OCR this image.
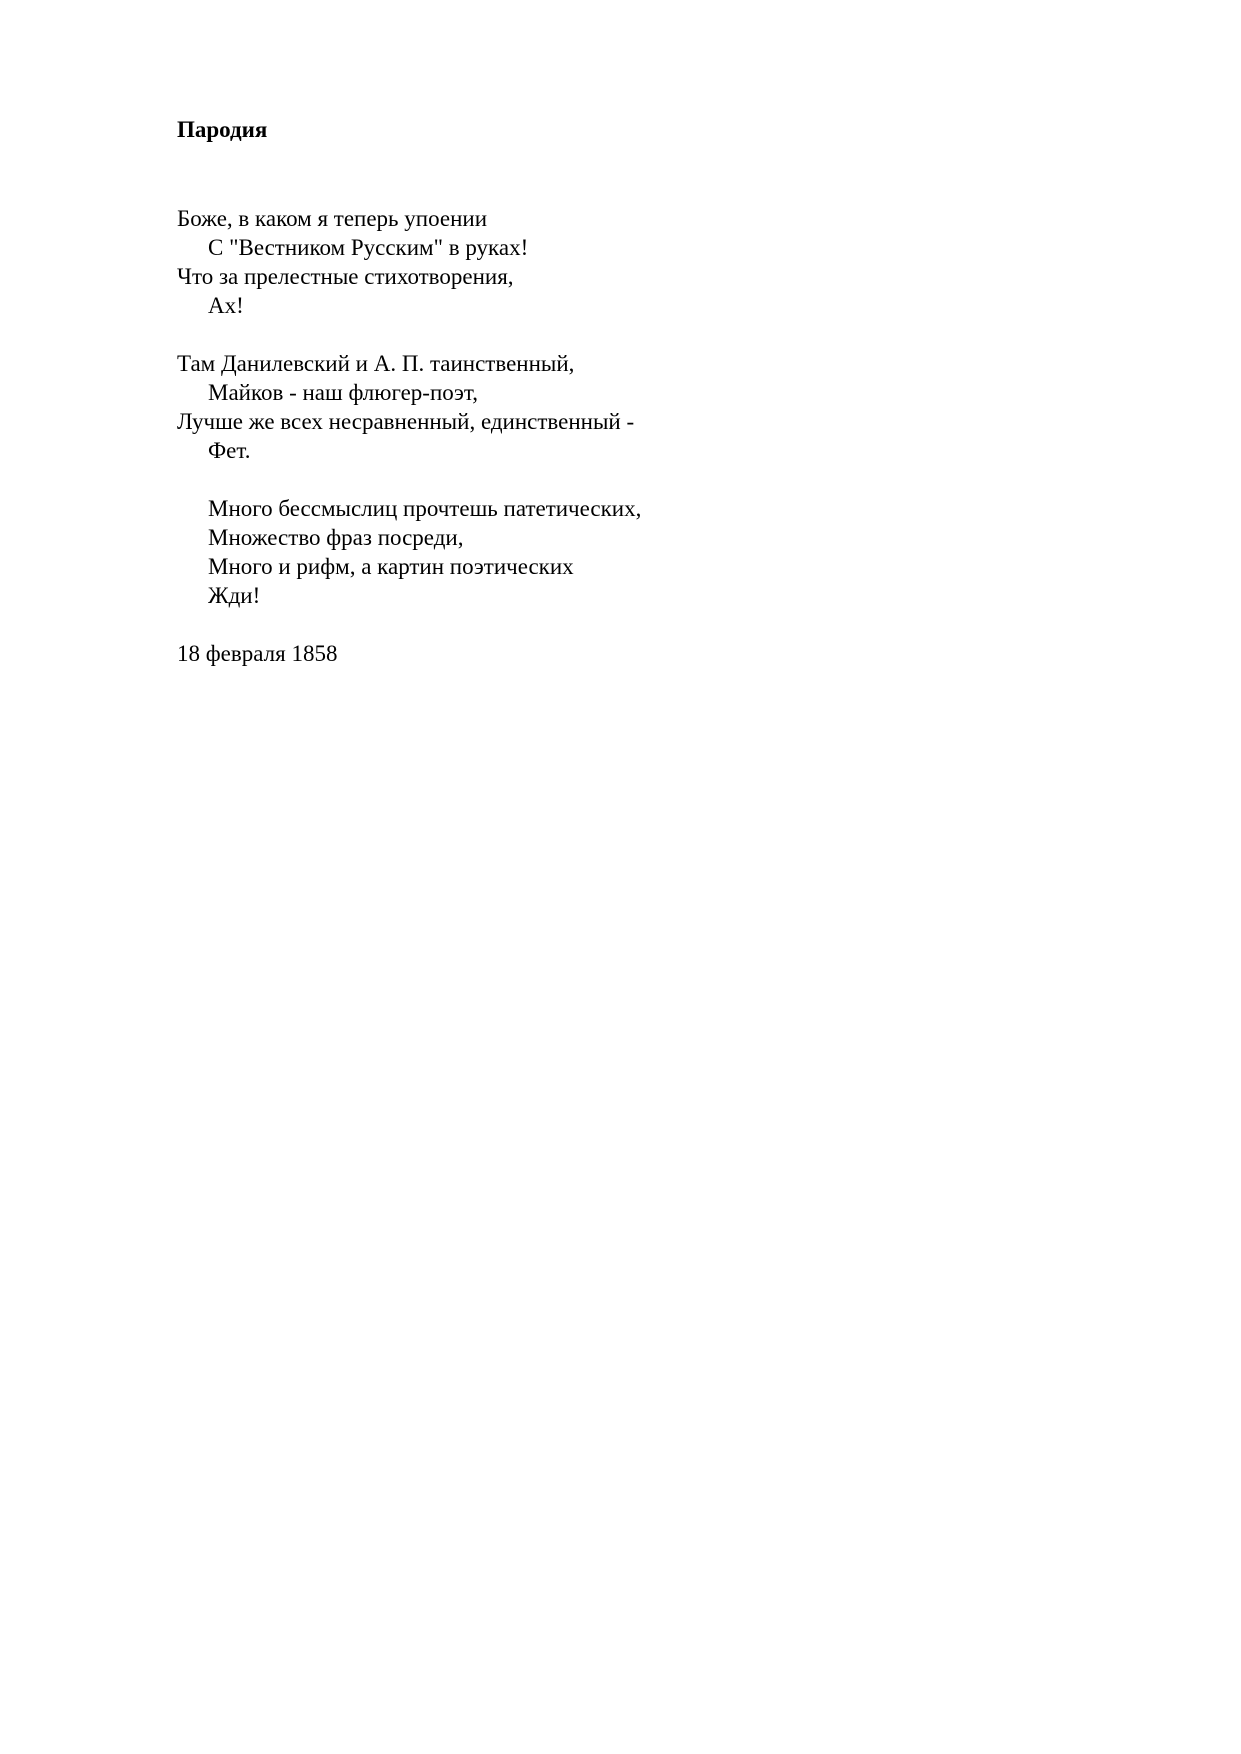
Пародия
Боже, в каком я теперь упоении
С "Вестником Русским" в руках!
Что за прелестные стихотворения,
Ах!
Там Данилевский и А. П. таинственный,
Майков - наш флюгер-поэт,
Лучше же всех несравненный, единственный -
Фет.
Много бессмыслиц прочтешь патетических,
Множество фраз посреди,
Много и рифм, а картин поэтических
Жди!
18 февраля 1858
